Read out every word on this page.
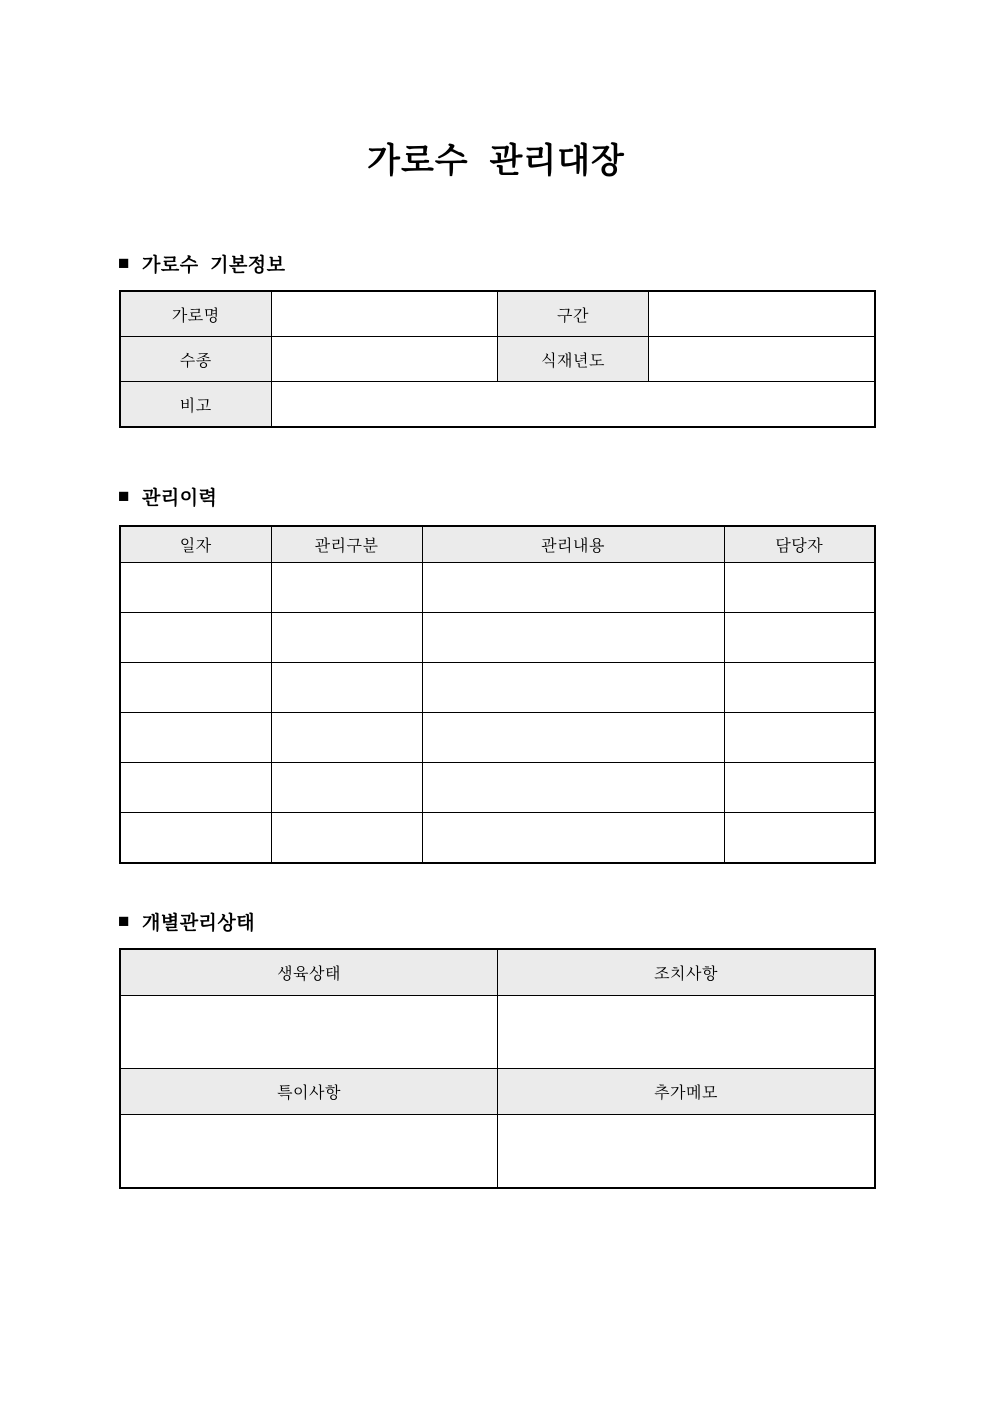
가로수  관리대장
■ 가로수  기본정보
가로명		구간	
수종		식재년도	
비고			
■ 관리이력
일자	관리구분	관리내용	담당자

■ 개별관리상태
생육상태	조치사항

특이사항	추가메모
